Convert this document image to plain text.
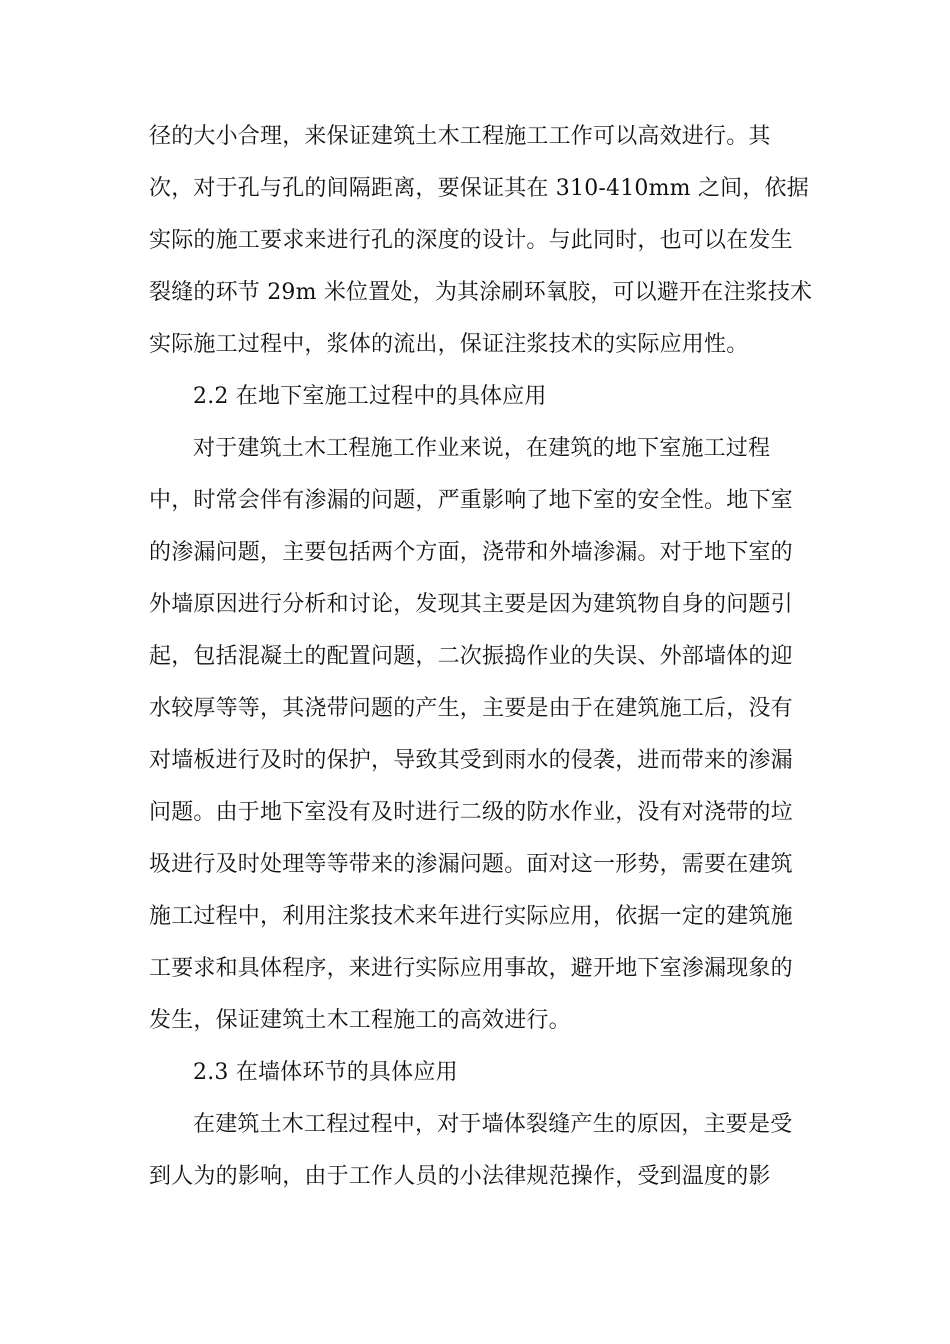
径的大小合理，来保证建筑土木工程施工工作可以高效进行。其
次，对于孔与孔的间隔距离，要保证其在 310-410mm 之间，依据
实际的施工要求来进行孔的深度的设计。与此同时，也可以在发生
裂缝的环节 29m 米位置处，为其涂刷环氧胶，可以避开在注浆技术
实际施工过程中，浆体的流出，保证注浆技术的实际应用性。
2.2 在地下室施工过程中的具体应用
对于建筑土木工程施工作业来说，在建筑的地下室施工过程
中，时常会伴有渗漏的问题，严重影响了地下室的安全性。地下室
的渗漏问题，主要包括两个方面，浇带和外墙渗漏。对于地下室的
外墙原因进行分析和讨论，发现其主要是因为建筑物自身的问题引
起，包括混凝土的配置问题，二次振捣作业的失误、外部墙体的迎
水较厚等等，其浇带问题的产生，主要是由于在建筑施工后，没有
对墙板进行及时的保护，导致其受到雨水的侵袭，进而带来的渗漏
问题。由于地下室没有及时进行二级的防水作业，没有对浇带的垃
圾进行及时处理等等带来的渗漏问题。面对这一形势，需要在建筑
施工过程中，利用注浆技术来年进行实际应用，依据一定的建筑施
工要求和具体程序，来进行实际应用事故，避开地下室渗漏现象的
发生，保证建筑土木工程施工的高效进行。
2.3 在墙体环节的具体应用
在建筑土木工程过程中，对于墙体裂缝产生的原因，主要是受
到人为的影响，由于工作人员的小法律规范操作，受到温度的影
